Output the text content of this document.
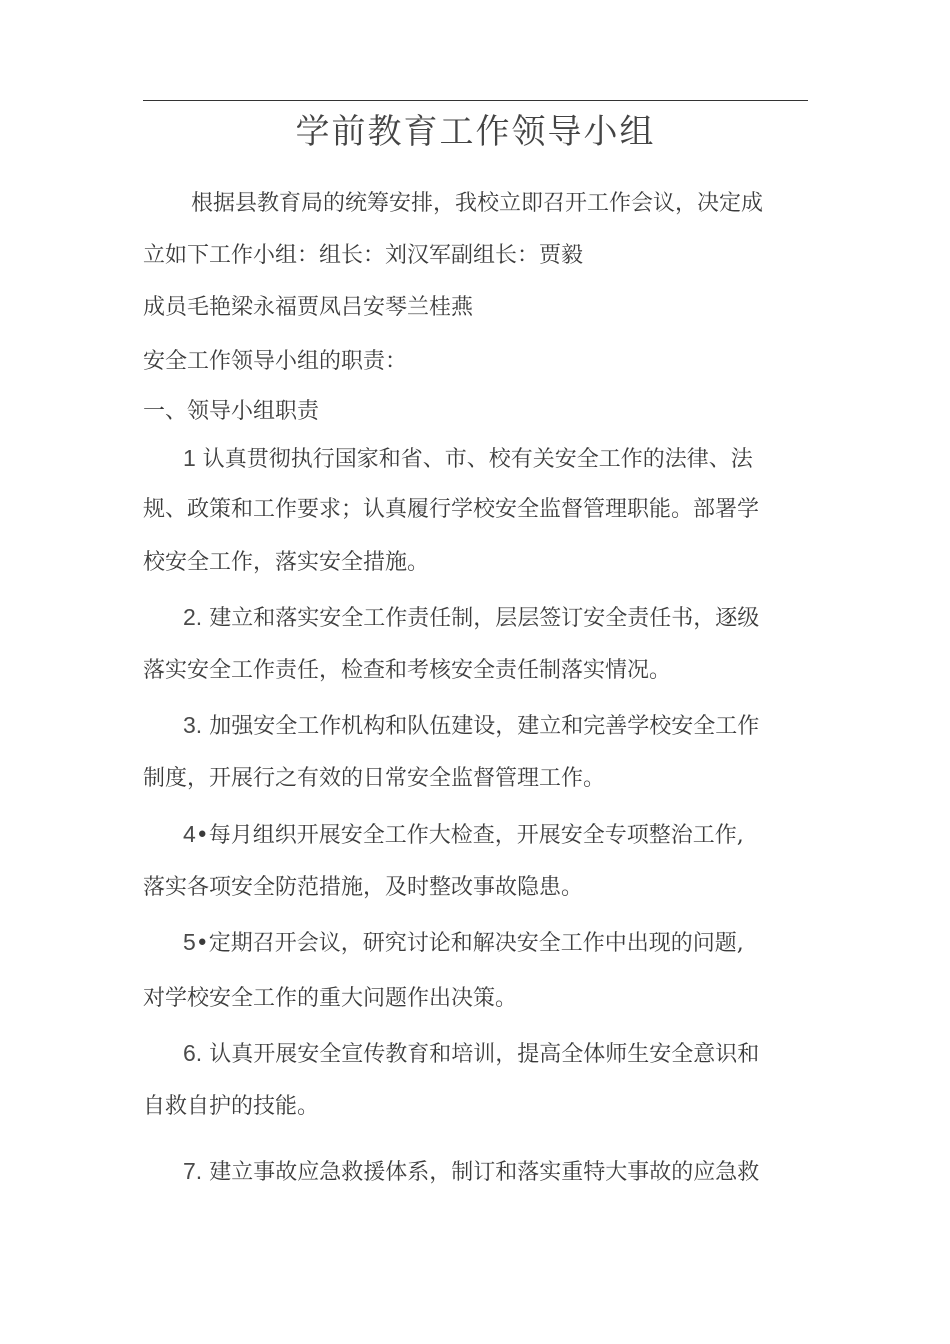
学前教育工作领导小组
根据县教育局的统筹安排，我校立即召开工作会议，决定成
立如下工作小组：组长：刘汉军副组长：贾毅
成员毛艳梁永福贾凤吕安琴兰桂燕
安全工作领导小组的职责：
一、领导小组职责
1 认真贯彻执行国家和省、市、校有关安全工作的法律、法
规、政策和工作要求；认真履行学校安全监督管理职能。部署学
校安全工作，落实安全措施。
2. 建立和落实安全工作责任制，层层签订安全责任书，逐级
落实安全工作责任，检查和考核安全责任制落实情况。
3. 加强安全工作机构和队伍建设，建立和完善学校安全工作
制度，开展行之有效的日常安全监督管理工作。
4•每月组织开展安全工作大检查，开展安全专项整治工作,
落实各项安全防范措施，及时整改事故隐患。
5•定期召开会议，研究讨论和解决安全工作中出现的问题,
对学校安全工作的重大问题作出决策。
6. 认真开展安全宣传教育和培训，提高全体师生安全意识和
自救自护的技能。
7. 建立事故应急救援体系，制订和落实重特大事故的应急救
